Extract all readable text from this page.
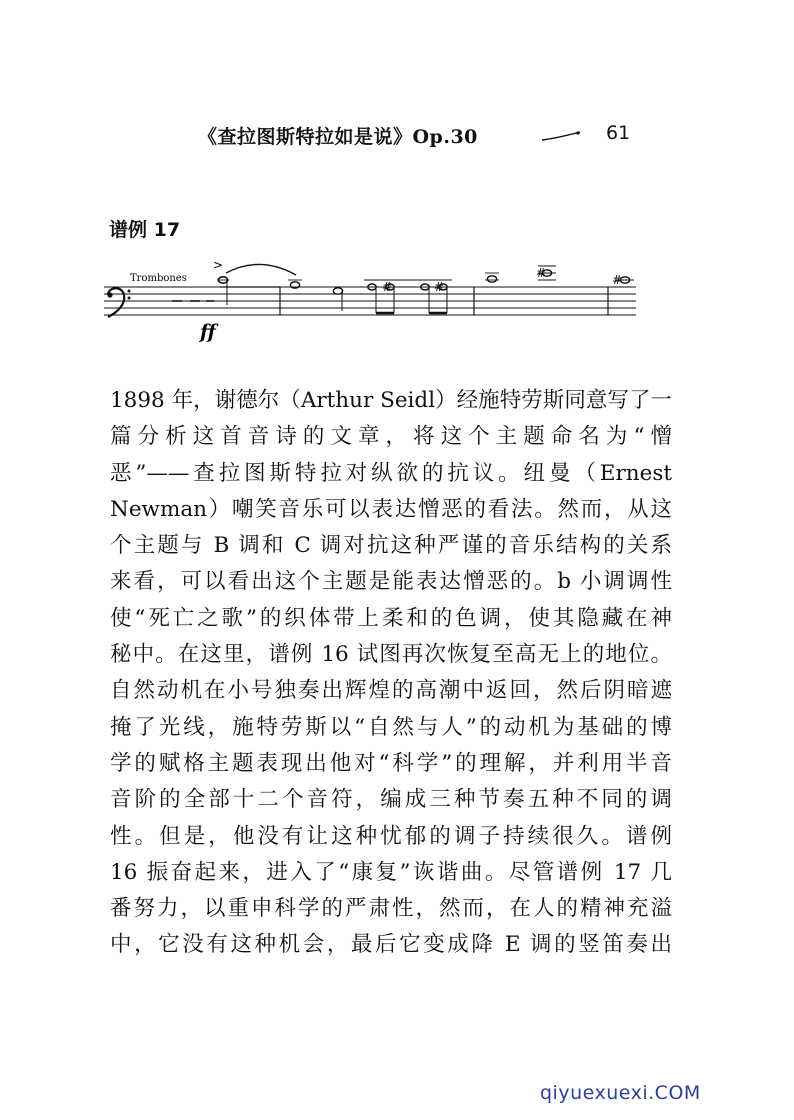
《查拉图斯特拉如是说》Op.30	61
谱例 17
Trombones
>
ff
#	#
#	#
1898 年，谢德尔（Arthur Seidl）经施特劳斯同意写了一
篇分析这首音诗的文章，将这个主题命名为“憎
恶”——查拉图斯特拉对纵欲的抗议。纽曼（Ernest
Newman）嘲笑音乐可以表达憎恶的看法。然而，从这
个主题与 B 调和 C 调对抗这种严谨的音乐结构的关系
来看，可以看出这个主题是能表达憎恶的。b 小调调性
使“死亡之歌”的织体带上柔和的色调，使其隐藏在神
秘中。在这里，谱例 16 试图再次恢复至高无上的地位。
自然动机在小号独奏出辉煌的高潮中返回，然后阴暗遮
掩了光线，施特劳斯以“自然与人”的动机为基础的博
学的赋格主题表现出他对“科学”的理解，并利用半音
音阶的全部十二个音符，编成三种节奏五种不同的调
性。但是，他没有让这种忧郁的调子持续很久。谱例
16 振奋起来，进入了“康复”诙谐曲。尽管谱例 17 几
番努力，以重申科学的严肃性，然而，在人的精神充溢
中，它没有这种机会，最后它变成降 E 调的竖笛奏出
qiyuexuexi.COM
